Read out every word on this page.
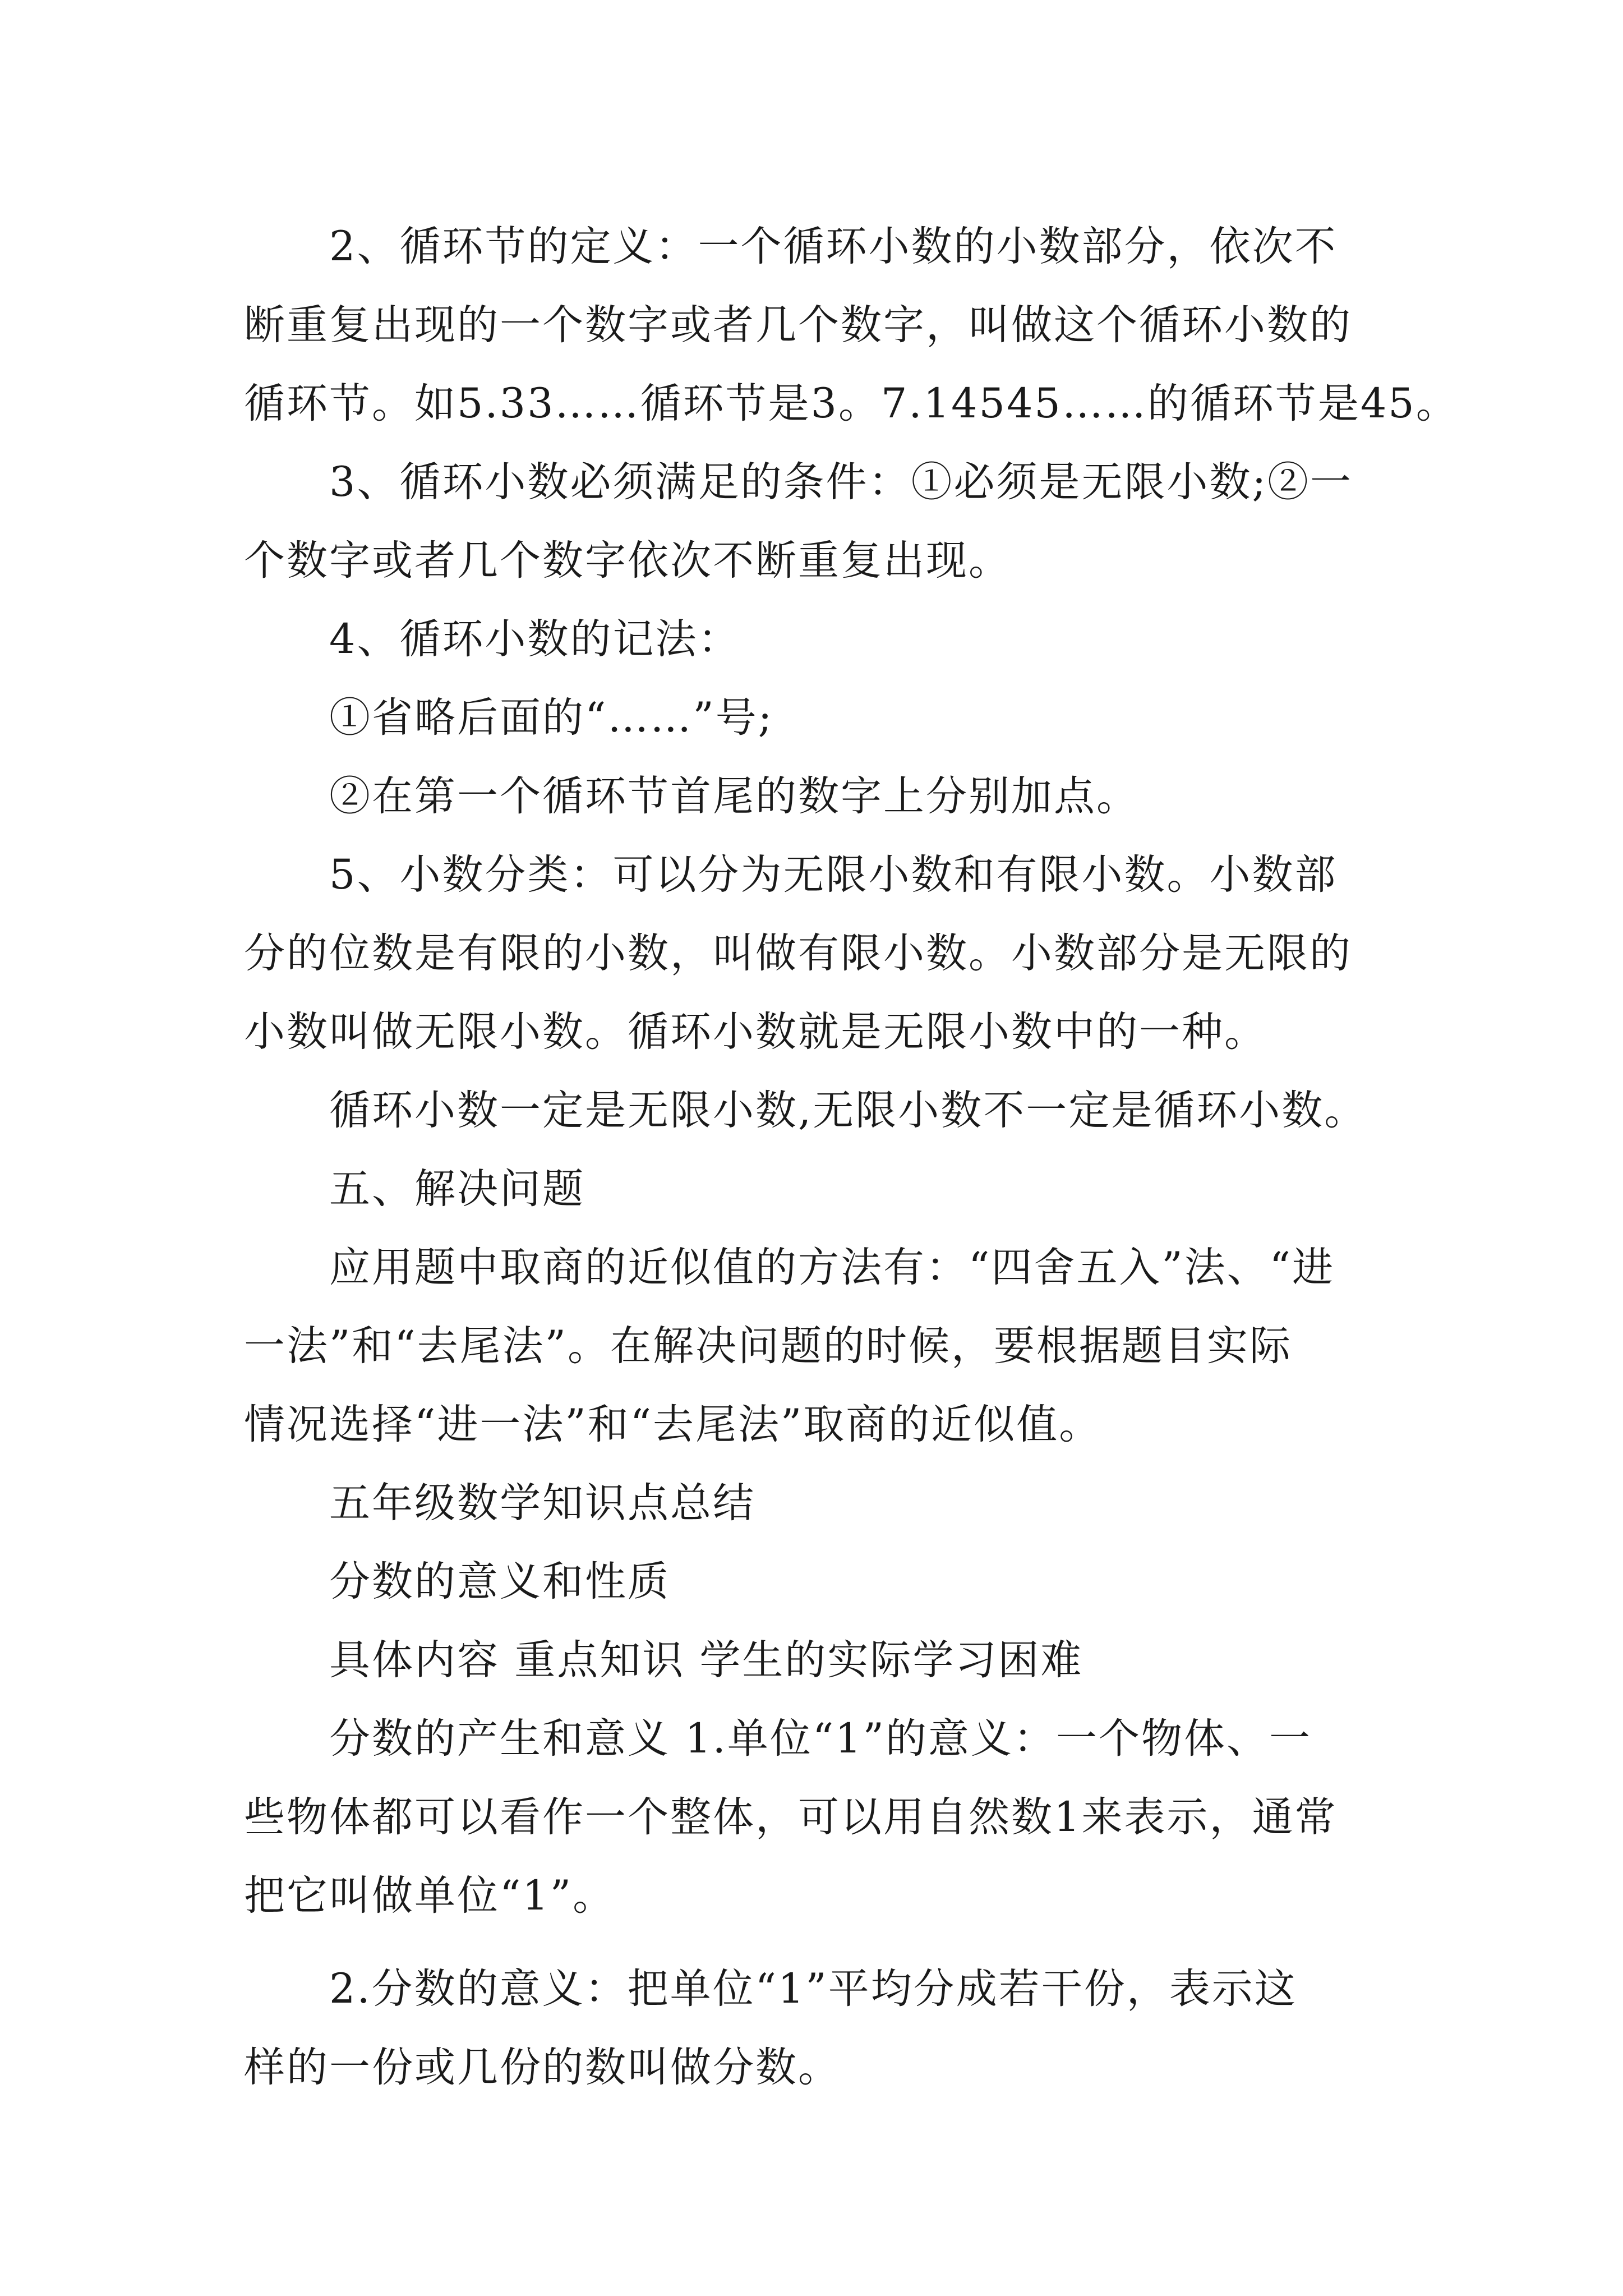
2、循环节的定义：一个循环小数的小数部分，依次不
断重复出现的一个数字或者几个数字，叫做这个循环小数的
循环节。如5.33……循环节是3。7.14545……的循环节是45。
3、循环小数必须满足的条件：①必须是无限小数;②一
个数字或者几个数字依次不断重复出现。
4、循环小数的记法：
①省略后面的“……”号;
②在第一个循环节首尾的数字上分别加点。
5、小数分类：可以分为无限小数和有限小数。小数部
分的位数是有限的小数，叫做有限小数。小数部分是无限的
小数叫做无限小数。循环小数就是无限小数中的一种。
循环小数一定是无限小数,无限小数不一定是循环小数。
五、解决问题
应用题中取商的近似值的方法有：“四舍五入”法、“进
一法”和“去尾法”。在解决问题的时候，要根据题目实际
情况选择“进一法”和“去尾法”取商的近似值。
五年级数学知识点总结
分数的意义和性质
具体内容 重点知识 学生的实际学习困难
分数的产生和意义 1.单位“1”的意义：一个物体、一
些物体都可以看作一个整体，可以用自然数1来表示，通常
把它叫做单位“1”。
2.分数的意义：把单位“1”平均分成若干份，表示这
样的一份或几份的数叫做分数。
